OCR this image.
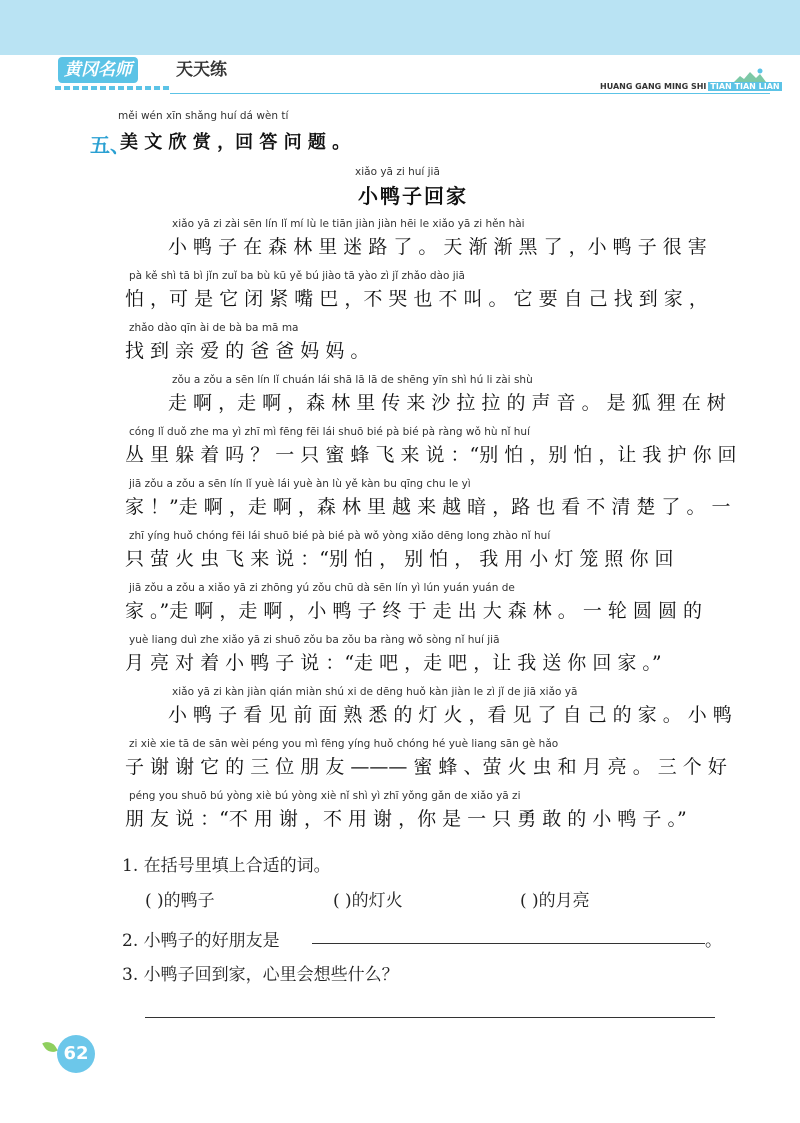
黄冈名师	天天练
HUANG GANG MING SHI TIAN TIAN LIAN
měi wén xīn shǎng huí dá wèn tí
五、
美 文 欣 赏 ，回 答 问 题 。
xiǎo yā zi huí jiā
小鸭子回家
xiǎo yā zi zài sēn lín lǐ mí lù le tiān jiàn jiàn hēi le xiǎo yā zi hěn hài
小 鸭 子 在 森 林 里 迷 路 了 。 天 渐 渐 黑 了 ，小 鸭 子 很 害
pà kě shì tā bì jǐn zuǐ ba bù kū yě bú jiào tā yào zì jǐ zhǎo dào jiā
怕 ，可 是 它 闭 紧 嘴 巴 ，不 哭 也 不 叫 。 它 要 自 己 找 到 家 ，
zhǎo dào qīn ài de bà ba mā ma
找 到 亲 爱 的 爸 爸 妈 妈 。
zǒu a zǒu a sēn lín lǐ chuán lái shā lā lā de shēng yīn shì hú li zài shù
走 啊 ，走 啊 ，森 林 里 传 来 沙 拉 拉 的 声 音 。 是 狐 狸 在 树
cóng lǐ duǒ zhe ma yì zhī mì fēng fēi lái shuō bié pà bié pà ràng wǒ hù nǐ huí
丛 里 躲 着 吗 ？ 一 只 蜜 蜂 飞 来 说 ：“别 怕 ，别 怕 ，让 我 护 你 回
jiā zǒu a zǒu a sēn lín lǐ yuè lái yuè àn lù yě kàn bu qīng chu le yì
家 ！”走 啊 ，走 啊 ，森 林 里 越 来 越 暗 ，路 也 看 不 清 楚 了 。 一
zhī yíng huǒ chóng fēi lái shuō bié pà bié pà wǒ yòng xiǎo dēng long zhào nǐ huí
只 萤 火 虫 飞 来 说 ：“别 怕 ， 别 怕 ， 我 用 小 灯 笼 照 你 回
jiā zǒu a zǒu a xiǎo yā zi zhōng yú zǒu chū dà sēn lín yì lún yuán yuán de
家 。”走 啊 ，走 啊 ，小 鸭 子 终 于 走 出 大 森 林 。 一 轮 圆 圆 的
yuè liang duì zhe xiǎo yā zi shuō zǒu ba zǒu ba ràng wǒ sòng nǐ huí jiā
月 亮 对 着 小 鸭 子 说 ：“走 吧 ，走 吧 ，让 我 送 你 回 家 。”
xiǎo yā zi kàn jiàn qián miàn shú xi de dēng huǒ kàn jiàn le zì jǐ de jiā xiǎo yā
小 鸭 子 看 见 前 面 熟 悉 的 灯 火 ，看 见 了 自 己 的 家 。 小 鸭
zi xiè xie tā de sān wèi péng you mì fēng yíng huǒ chóng hé yuè liang sān gè hǎo
子 谢 谢 它 的 三 位 朋 友 ——— 蜜 蜂 、萤 火 虫 和 月 亮 。 三 个 好
péng you shuō bú yòng xiè bú yòng xiè nǐ shì yì zhī yǒng gǎn de xiǎo yā zi
朋 友 说 ：“不 用 谢 ，不 用 谢 ，你 是 一 只 勇 敢 的 小 鸭 子 。”
1. 在括号里填上合适的词。
( )的鸭子	( )的灯火	( )的月亮
2. 小鸭子的好朋友是	。
3. 小鸭子回到家，心里会想些什么？
62
